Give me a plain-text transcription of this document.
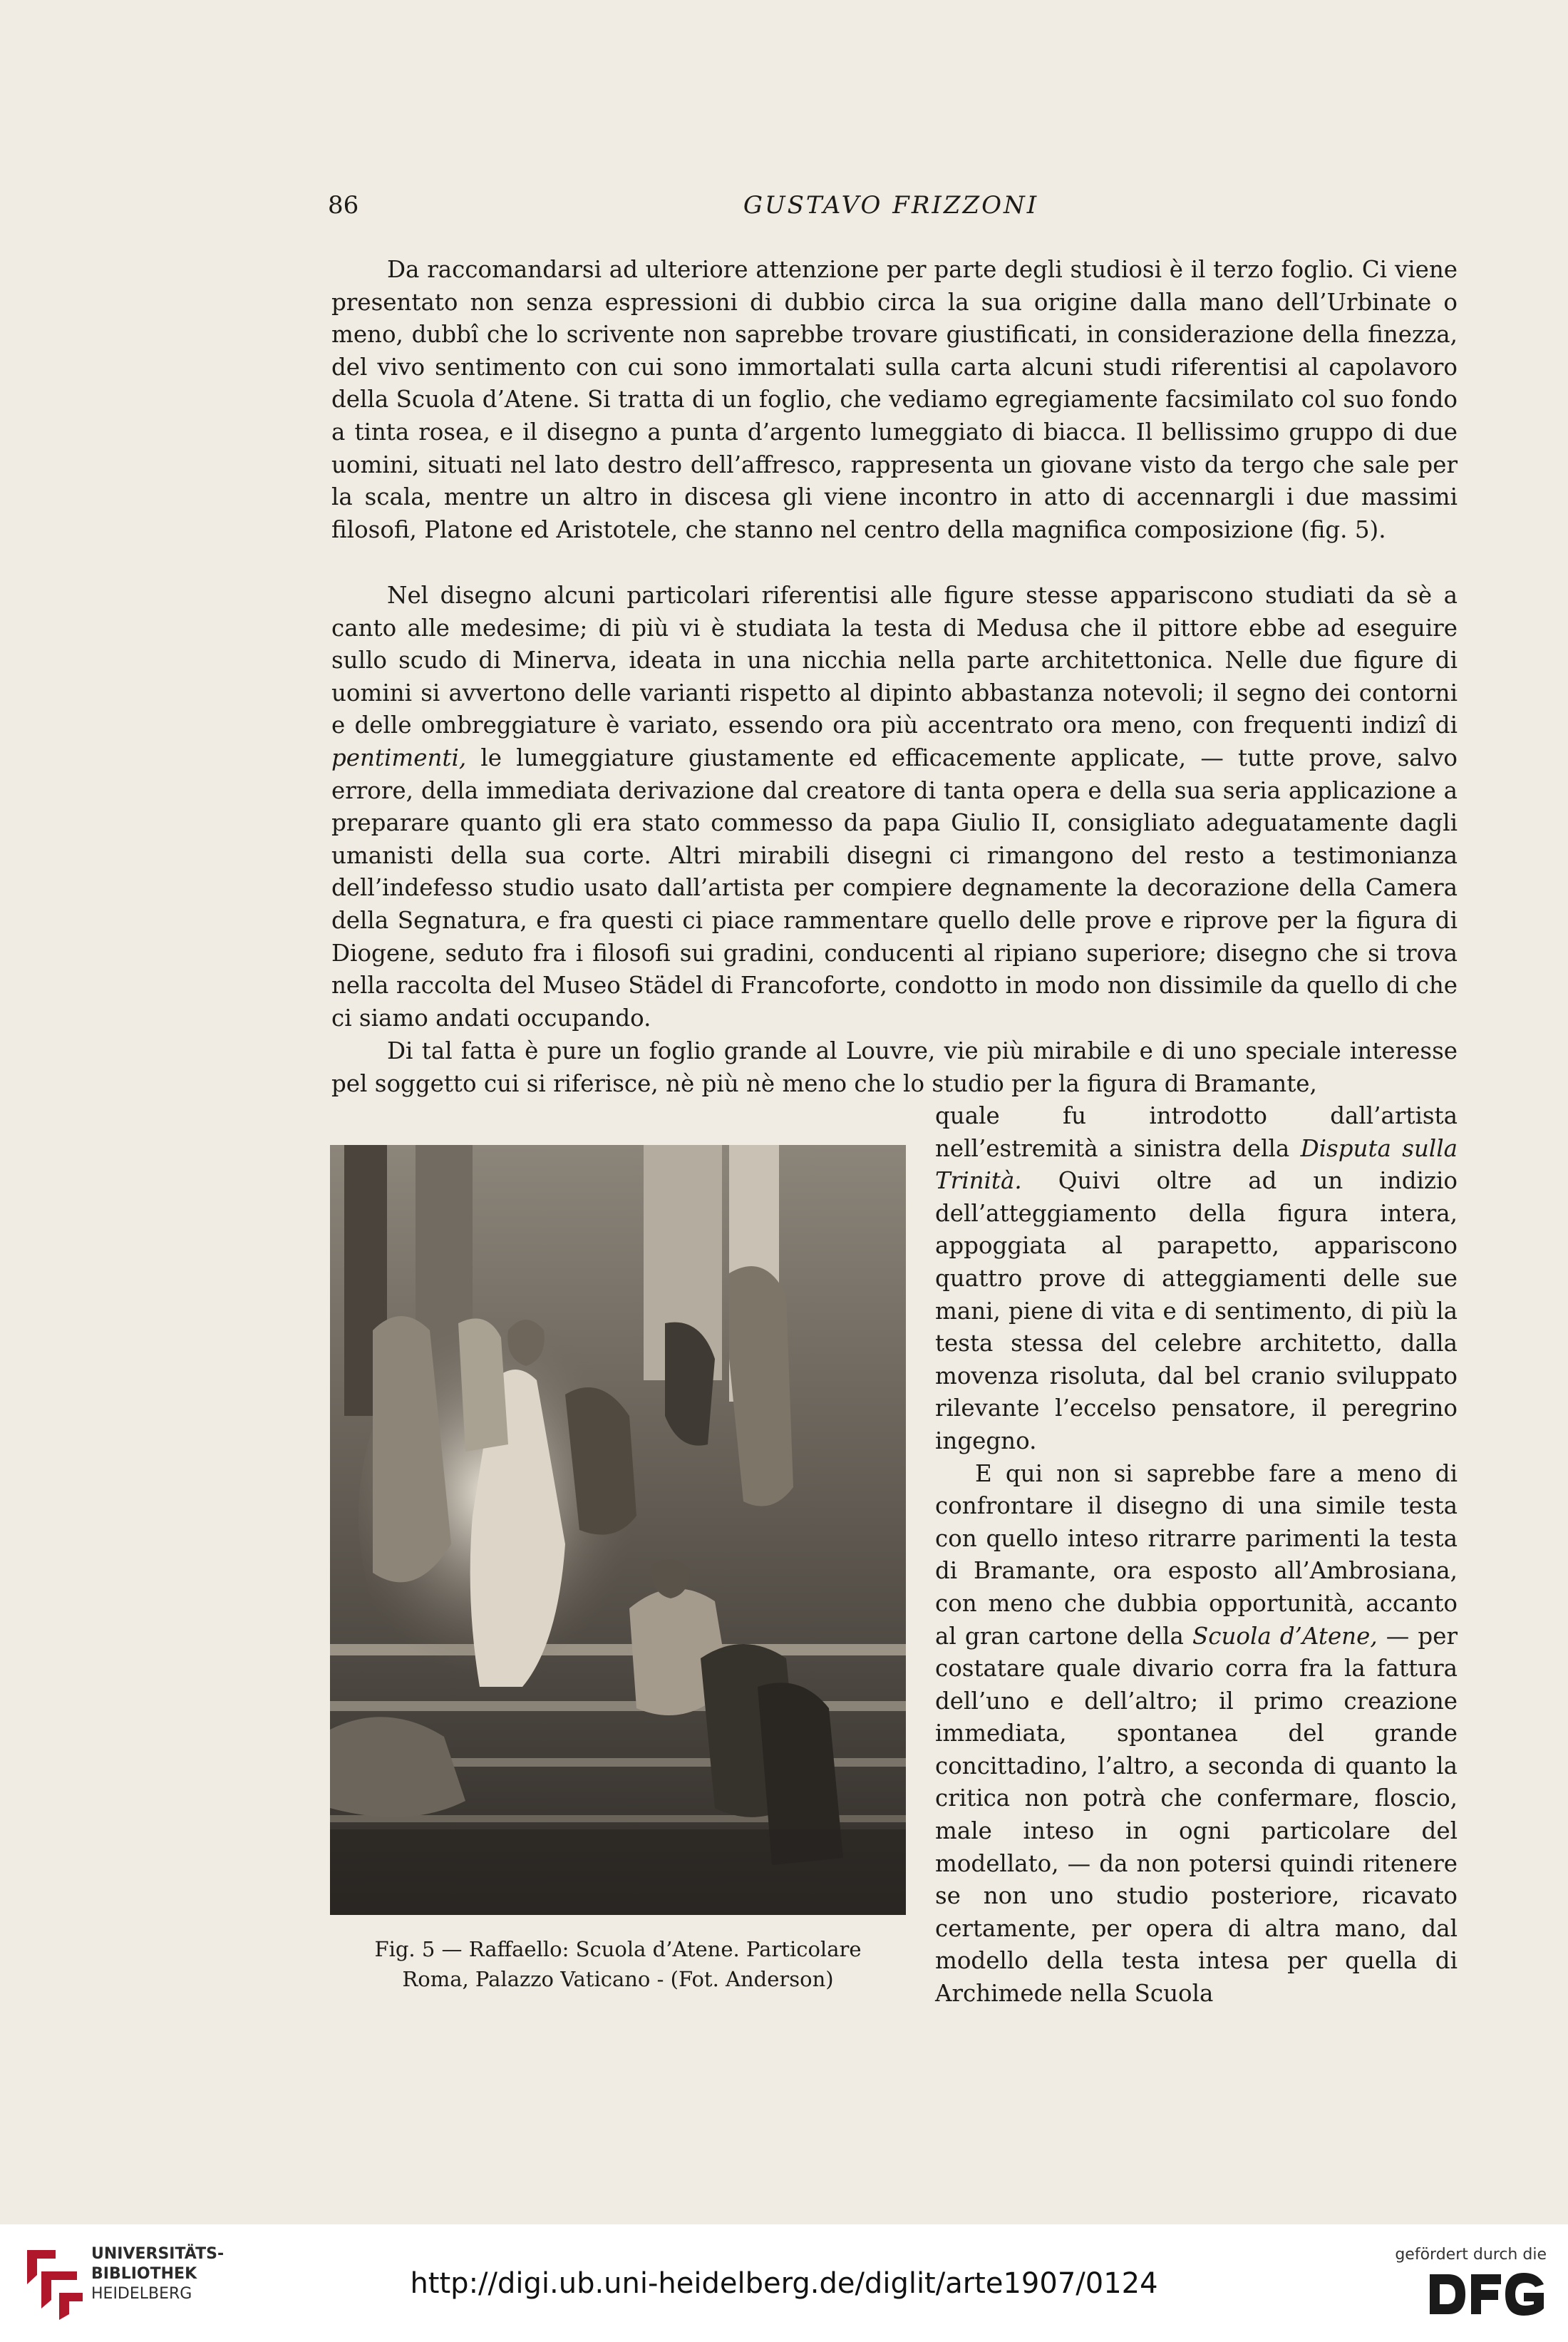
86	GUSTAVO FRIZZONI

Da raccomandarsi ad ulteriore attenzione per parte degli studiosi è il terzo foglio. Ci viene presentato non senza espressioni di dubbio circa la sua origine dalla mano dell’Urbinate o meno, dubbî che lo scrivente non saprebbe trovare giustificati, in considerazione della finezza, del vivo sentimento con cui sono immortalati sulla carta alcuni studi riferentisi al capolavoro della Scuola d’Atene. Si tratta di un foglio, che vediamo egregiamente facsimilato col suo fondo a tinta rosea, e il disegno a punta d’argento lumeggiato di biacca. Il bellissimo gruppo di due uomini, situati nel lato destro dell’affresco, rappresenta un giovane visto da tergo che sale per la scala, mentre un altro in discesa gli viene incontro in atto di accennargli i due massimi filosofi, Platone ed Aristotele, che stanno nel centro della magnifica composizione (fig. 5).

Nel disegno alcuni particolari riferentisi alle figure stesse appariscono studiati da sè a canto alle medesime; di più vi è studiata la testa di Medusa che il pittore ebbe ad eseguire sullo scudo di Minerva, ideata in una nicchia nella parte architettonica. Nelle due figure di uomini si avvertono delle varianti rispetto al dipinto abbastanza notevoli; il segno dei contorni e delle ombreggiature è variato, essendo ora più accentrato ora meno, con frequenti indizî di pentimenti, le lumeggiature giustamente ed efficacemente applicate, — tutte prove, salvo errore, della immediata derivazione dal creatore di tanta opera e della sua seria applicazione a preparare quanto gli era stato commesso da papa Giulio II, consigliato adeguatamente dagli umanisti della sua corte. Altri mirabili disegni ci rimangono del resto a testimonianza dell’indefesso studio usato dall’artista per compiere degnamente la decorazione della Camera della Segnatura, e fra questi ci piace rammentare quello delle prove e riprove per la figura di Diogene, seduto fra i filosofi sui gradini, conducenti al ripiano superiore; disegno che si trova nella raccolta del Museo Städel di Francoforte, condotto in modo non dissimile da quello di che ci siamo andati occupando.

Di tal fatta è pure un foglio grande al Louvre, vie più mirabile e di uno speciale interesse pel soggetto cui si riferisce, nè più nè meno che lo studio per la figura di Bramante,

quale fu introdotto dall’artista nell’estremità a sinistra della Disputa sulla Trinità. Quivi oltre ad un indizio dell’atteggiamento della figura intera, appoggiata al parapetto, appariscono quattro prove di atteggiamenti delle sue mani, piene di vita e di sentimento, di più la testa stessa del celebre architetto, dalla movenza risoluta, dal bel cranio sviluppato rilevante l’eccelso pensatore, il peregrino ingegno.

E qui non si saprebbe fare a meno di confrontare il disegno di una simile testa con quello inteso ritrarre parimenti la testa di Bramante, ora esposto all’Ambrosiana, con meno che dubbia opportunità, accanto al gran cartone della Scuola d’Atene, — per costatare quale divario corra fra la fattura dell’uno e dell’altro; il primo creazione immediata, spontanea del grande concittadino, l’altro, a seconda di quanto la critica non potrà che confermare, floscio, male inteso in ogni particolare del modellato, — da non potersi quindi ritenere se non uno studio posteriore, ricavato certamente, per opera di altra mano, dal modello della testa intesa per quella di Archimede nella Scuola

Fig. 5 — Raffaello: Scuola d’Atene. Particolare
Roma, Palazzo Vaticano - (Fot. Anderson)
UNIVERSITÄTS-
BIBLIOTHEK
HEIDELBERG	http://digi.ub.uni-heidelberg.de/diglit/arte1907/0124
gefördert durch die
